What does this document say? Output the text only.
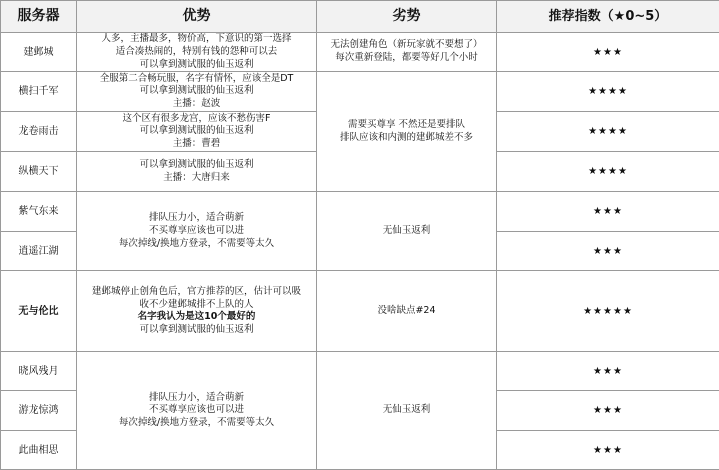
服务器	优势	劣势	推荐指数（★0~5）
建邺城	人多，主播最多，物价高，下意识的第一选择
适合凑热闹的，特别有钱的怨种可以去
可以拿到测试服的仙玉返利	无法创建角色（新玩家就不要想了）
每次重新登陆，都要等好几个小时	★★★
横扫千军	全服第二合畅玩服，名字有情怀，应该全是DT
可以拿到测试服的仙玉返利
主播：赵波	需要买尊享 不然还是要排队
排队应该和内测的建邺城差不多	★★★★
龙卷雨击	这个区有很多龙宫，应该不愁伤害F
可以拿到测试服的仙玉返利
主播：曹碧		★★★★
纵横天下	可以拿到测试服的仙玉返利
主播：大唐归来		★★★★
紫气东来	排队压力小，适合萌新
不买尊享应该也可以进
每次掉线/换地方登录，不需要等太久	无仙玉返利	★★★
逍遥江湖			★★★
无与伦比	建邺城停止创角色后，官方推荐的区，估计可以吸
收不少建邺城排不上队的人
名字我认为是这10个最好的
可以拿到测试服的仙玉返利	没啥缺点#24	★★★★★
晓风残月	排队压力小，适合萌新
不买尊享应该也可以进
每次掉线/换地方登录，不需要等太久	无仙玉返利	★★★
游龙惊鸿			★★★
此曲相思			★★★
